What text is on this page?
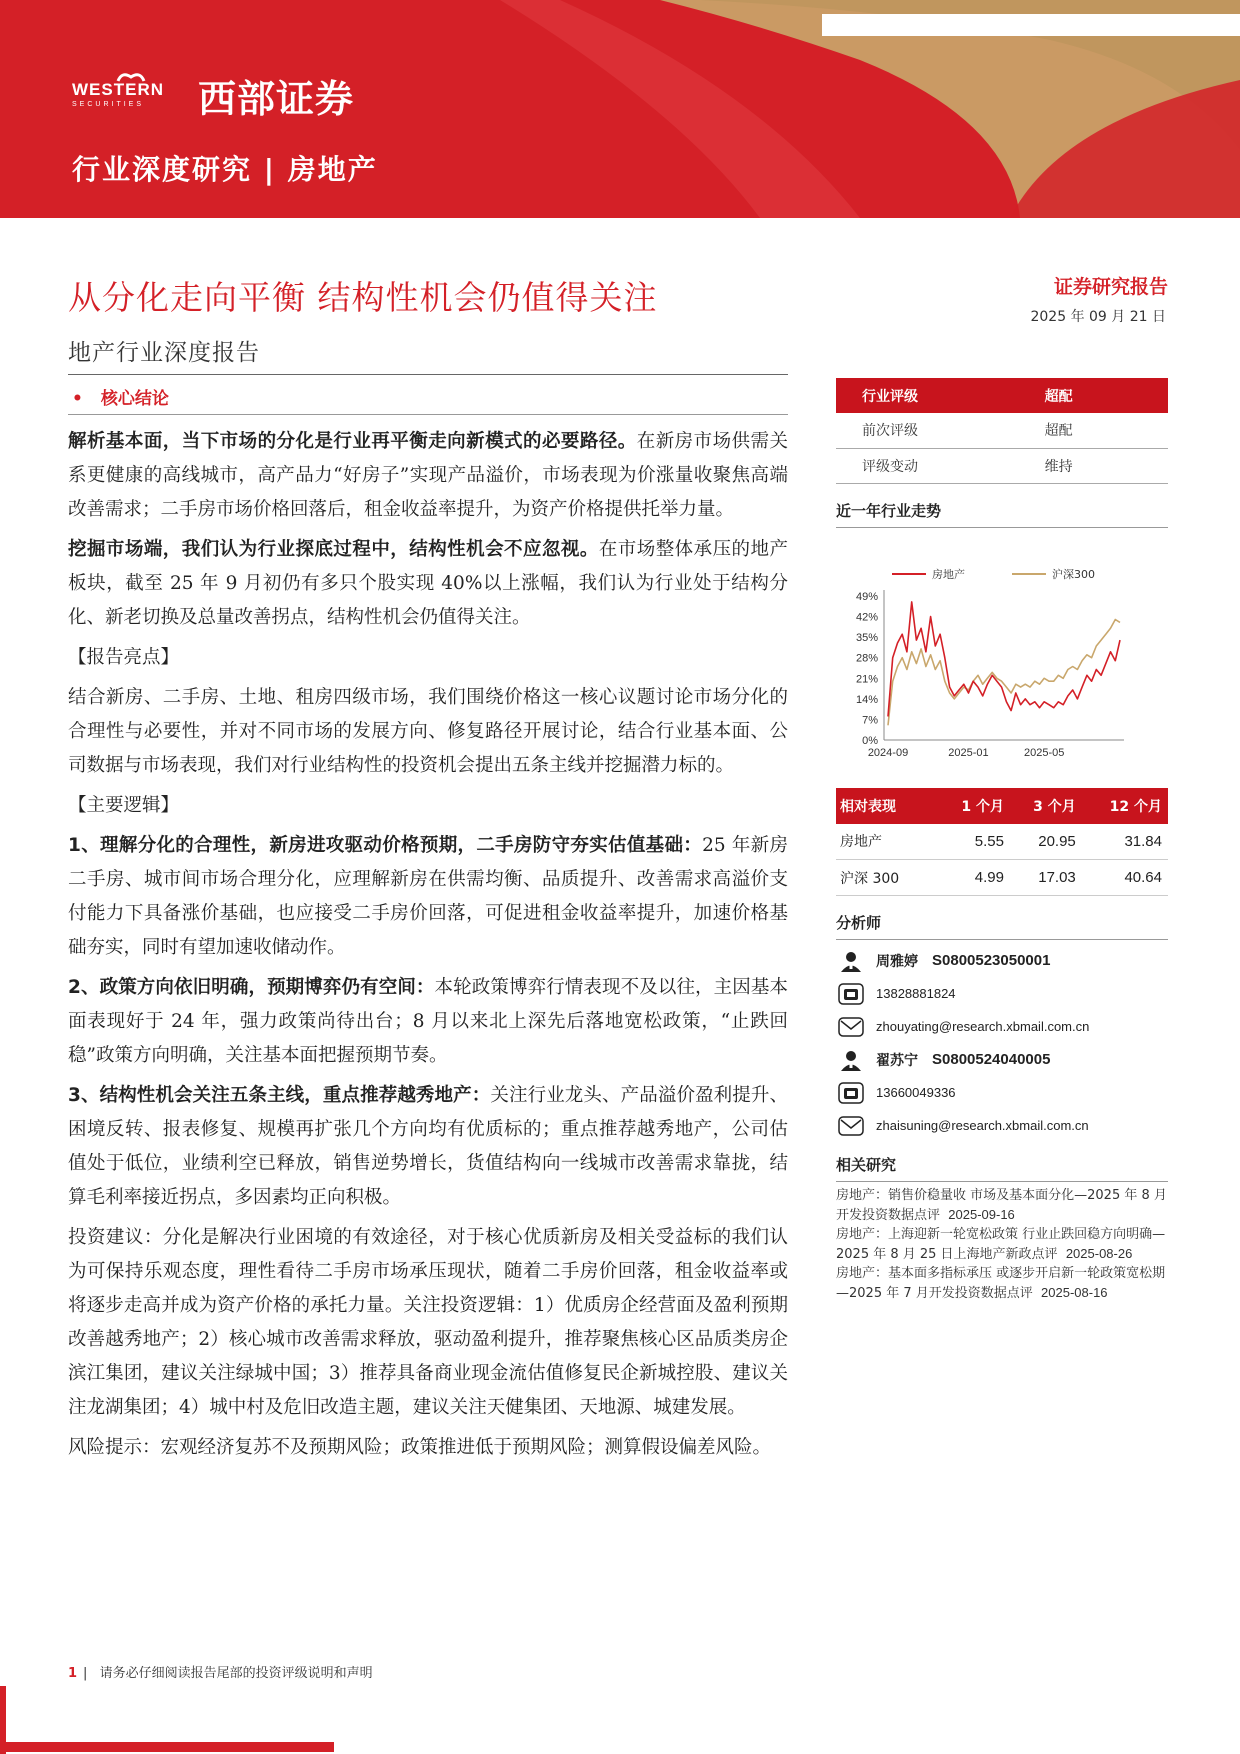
WESTERN
SECURITIES	西部证券
行业深度研究 | 房地产
从分化走向平衡 结构性机会仍值得关注
地产行业深度报告
证券研究报告
2025 年 09 月 21 日
• 核心结论

解析基本面，当下市场的分化是行业再平衡走向新模式的必要路径。在新房市场供需关系更健康的高线城市，高产品力“好房子”实现产品溢价，市场表现为价涨量收聚焦高端改善需求；二手房市场价格回落后，租金收益率提升，为资产价格提供托举力量。

挖掘市场端，我们认为行业探底过程中，结构性机会不应忽视。在市场整体承压的地产板块，截至 25 年 9 月初仍有多只个股实现 40%以上涨幅，我们认为行业处于结构分化、新老切换及总量改善拐点，结构性机会仍值得关注。

【报告亮点】

结合新房、二手房、土地、租房四级市场，我们围绕价格这一核心议题讨论市场分化的合理性与必要性，并对不同市场的发展方向、修复路径开展讨论，结合行业基本面、公司数据与市场表现，我们对行业结构性的投资机会提出五条主线并挖掘潜力标的。

【主要逻辑】

1、理解分化的合理性，新房进攻驱动价格预期，二手房防守夯实估值基础：25 年新房二手房、城市间市场合理分化，应理解新房在供需均衡、品质提升、改善需求高溢价支付能力下具备涨价基础，也应接受二手房价回落，可促进租金收益率提升，加速价格基础夯实，同时有望加速收储动作。

2、政策方向依旧明确，预期博弈仍有空间：本轮政策博弈行情表现不及以往，主因基本面表现好于 24 年，强力政策尚待出台；8 月以来北上深先后落地宽松政策，“止跌回稳”政策方向明确，关注基本面把握预期节奏。

3、结构性机会关注五条主线，重点推荐越秀地产：关注行业龙头、产品溢价盈利提升、困境反转、报表修复、规模再扩张几个方向均有优质标的；重点推荐越秀地产，公司估值处于低位，业绩利空已释放，销售逆势增长，货值结构向一线城市改善需求靠拢，结算毛利率接近拐点，多因素均正向积极。

投资建议：分化是解决行业困境的有效途径，对于核心优质新房及相关受益标的我们认为可保持乐观态度，理性看待二手房市场承压现状，随着二手房价回落，租金收益率或将逐步走高并成为资产价格的承托力量。关注投资逻辑：1）优质房企经营面及盈利预期改善越秀地产；2）核心城市改善需求释放，驱动盈利提升，推荐聚焦核心区品质类房企滨江集团，建议关注绿城中国；3）推荐具备商业现金流估值修复民企新城控股、建议关注龙湖集团；4）城中村及危旧改造主题，建议关注天健集团、天地源、城建发展。

风险提示：宏观经济复苏不及预期风险；政策推进低于预期风险；测算假设偏差风险。

行业评级	超配
前次评级	超配
评级变动	维持
近一年行业走势
房地产	沪深300
49%
42%
35%
28%
21%
14%
7%
0%
2024-09	2025-01	2025-05
相对表现	1 个月	3 个月	12 个月
房地产	5.55	20.95	31.84
沪深 300	4.99	17.03	40.64
分析师
周雅婷 S0800523050001
13828881824
zhouyating@research.xbmail.com.cn
翟苏宁 S0800524040005
13660049336
zhaisuning@research.xbmail.com.cn
相关研究
房地产：销售价稳量收 市场及基本面分化—2025 年 8 月开发投资数据点评 2025-09-16
房地产：上海迎新一轮宽松政策 行业止跌回稳方向明确—2025 年 8 月 25 日上海地产新政点评 2025-08-26
房地产：基本面多指标承压 或逐步开启新一轮政策宽松期—2025 年 7 月开发投资数据点评 2025-08-16
1 | 请务必仔细阅读报告尾部的投资评级说明和声明
